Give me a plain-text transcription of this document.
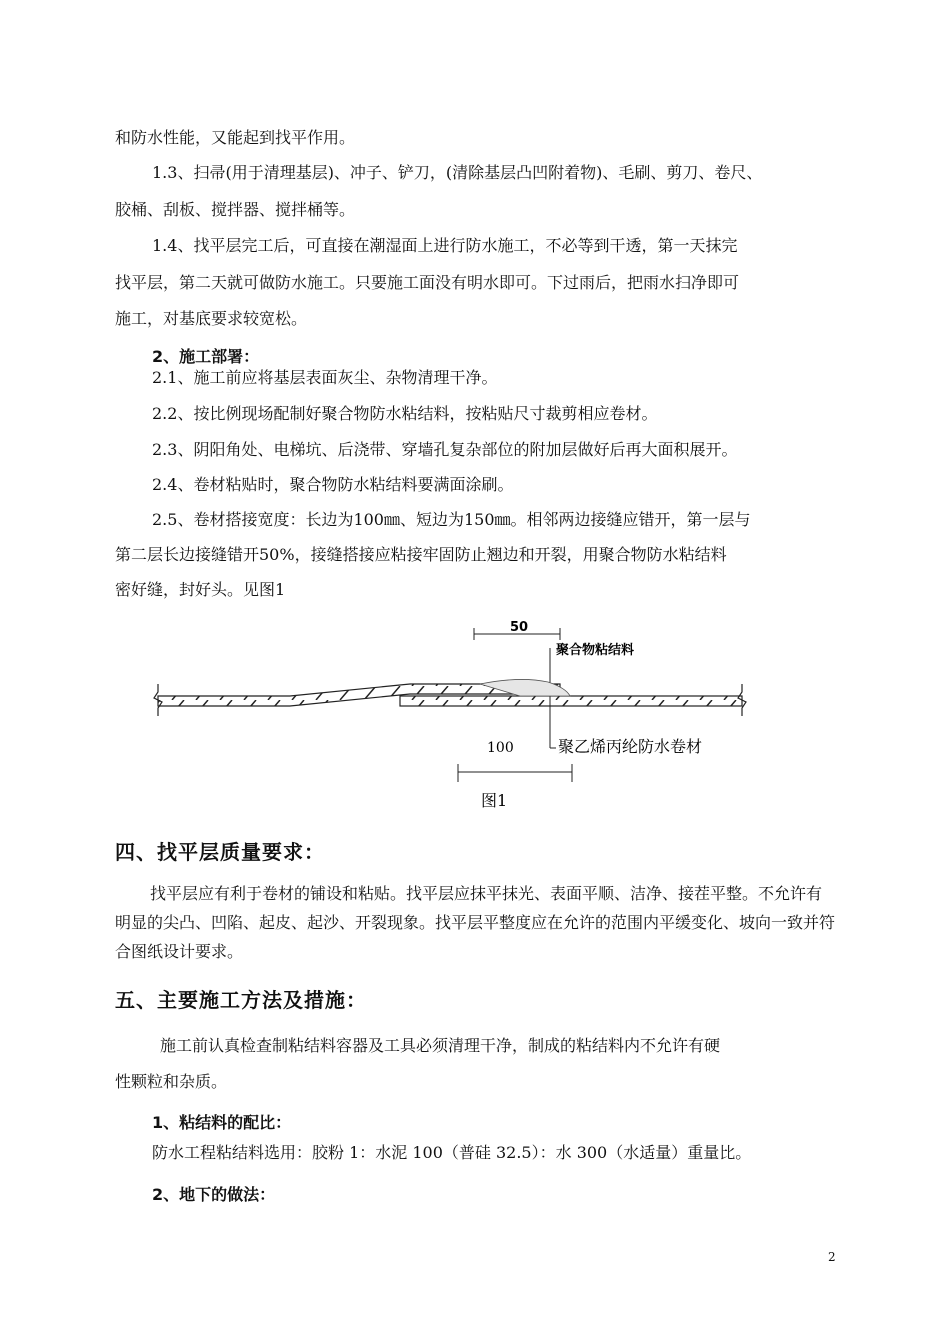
和防水性能，又能起到找平作用。
1.3、扫帚(用于清理基层)、冲子、铲刀，(清除基层凸凹附着物)、毛刷、剪刀、卷尺、
胶桶、刮板、搅拌器、搅拌桶等。
1.4、找平层完工后，可直接在潮湿面上进行防水施工，不必等到干透，第一天抹完
找平层，第二天就可做防水施工。只要施工面没有明水即可。下过雨后，把雨水扫净即可
施工，对基底要求较宽松。
2、施工部署：
2.1、施工前应将基层表面灰尘、杂物清理干净。
2.2、按比例现场配制好聚合物防水粘结料，按粘贴尺寸裁剪相应卷材。
2.3、阴阳角处、电梯坑、后浇带、穿墙孔复杂部位的附加层做好后再大面积展开。
2.4、卷材粘贴时，聚合物防水粘结料要满面涂刷。
2.5、卷材搭接宽度：长边为100㎜、短边为150㎜。相邻两边接缝应错开，第一层与
第二层长边接缝错开50%，接缝搭接应粘接牢固防止翘边和开裂，用聚合物防水粘结料
密好缝，封好头。见图1
50
聚合物粘结料
100	聚乙烯丙纶防水卷材
图1
四、找平层质量要求：
找平层应有利于卷材的铺设和粘贴。找平层应抹平抹光、表面平顺、洁净、接茬平整。不允许有明显的尖凸、凹陷、起皮、起沙、开裂现象。找平层平整度应在允许的范围内平缓变化、坡向一致并符合图纸设计要求。
五、主要施工方法及措施：
施工前认真检查制粘结料容器及工具必须清理干净，制成的粘结料内不允许有硬
性颗粒和杂质。
1、粘结料的配比：
防水工程粘结料选用：胶粉 1：水泥 100（普硅 32.5）：水 300（水适量）重量比。
2、地下的做法：
2
